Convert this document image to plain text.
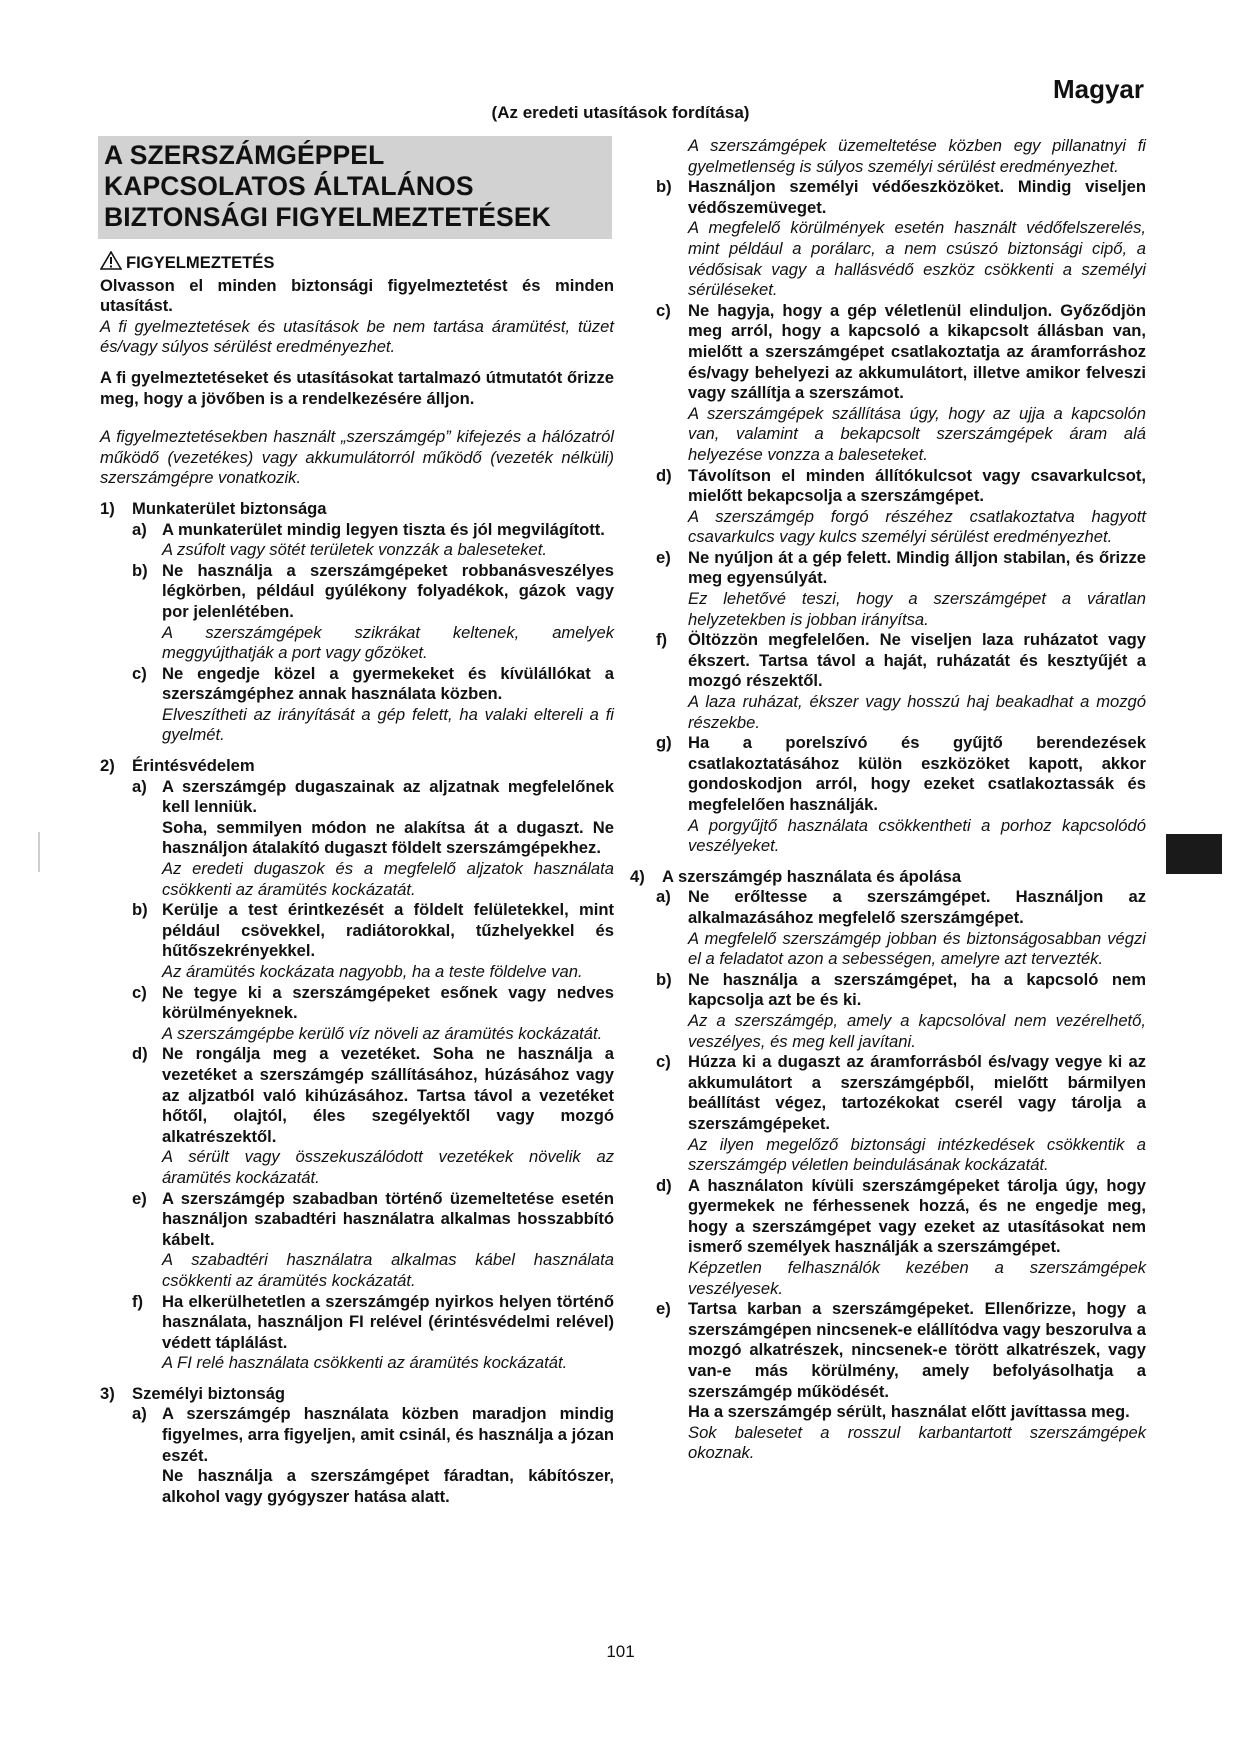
Magyar
(Az eredeti utasítások fordítása)
A SZERSZÁMGÉPPEL
KAPCSOLATOS ÁLTALÁNOS
BIZTONSÁGI FIGYELMEZTETÉSEK
FIGYELMEZTETÉS

Olvasson el minden biztonsági figyelmeztetést és minden utasítást.

A fi gyelmeztetések és utasítások be nem tartása áramütést, tüzet és/vagy súlyos sérülést eredményezhet.

A fi gyelmeztetéseket és utasításokat tartalmazó útmutatót őrizze meg, hogy a jövőben is a rendelkezésére álljon.

A figyelmeztetésekben használt „szerszámgép” kifejezés a hálózatról működő (vezetékes) vagy akkumulátorról működő (vezeték nélküli) szerszámgépre vonatkozik.

1)	Munkaterület biztonsága
a) A munkaterület mindig legyen tiszta és jól megvilágított.

A zsúfolt vagy sötét területek vonzzák a baleseteket.

b) Ne használja a szerszámgépeket robbanásveszélyes légkörben, például gyúlékony folyadékok, gázok vagy por jelenlétében.

A szerszámgépek szikrákat keltenek, amelyek meggyújthatják a port vagy gőzöket.

c) Ne engedje közel a gyermekeket és kívülállókat a szerszámgéphez annak használata közben.

Elveszítheti az irányítását a gép felett, ha valaki eltereli a fi gyelmét.

2)	Érintésvédelem
a) A szerszámgép dugaszainak az aljzatnak megfelelőnek kell lenniük.

Soha, semmilyen módon ne alakítsa át a dugaszt. Ne használjon átalakító dugaszt földelt szerszámgépekhez.

Az eredeti dugaszok és a megfelelő aljzatok használata csökkenti az áramütés kockázatát.

b) Kerülje a test érintkezését a földelt felületekkel, mint például csövekkel, radiátorokkal, tűzhelyekkel és hűtőszekrényekkel.

Az áramütés kockázata nagyobb, ha a teste földelve van.

c) Ne tegye ki a szerszámgépeket esőnek vagy nedves körülményeknek.

A szerszámgépbe kerülő víz növeli az áramütés kockázatát.

d) Ne rongálja meg a vezetéket. Soha ne használja a vezetéket a szerszámgép szállításához, húzásához vagy az aljzatból való kihúzásához. Tartsa távol a vezetéket hőtől, olajtól, éles szegélyektől vagy mozgó alkatrészektől.

A sérült vagy összekuszálódott vezetékek növelik az áramütés kockázatát.

e) A szerszámgép szabadban történő üzemeltetése esetén használjon szabadtéri használatra alkalmas hosszabbító kábelt.

A szabadtéri használatra alkalmas kábel használata csökkenti az áramütés kockázatát.

f)	Ha elkerülhetetlen a szerszámgép nyirkos helyen történő használata, használjon FI relével (érintésvédelmi relével) védett táplálást.

A FI relé használata csökkenti az áramütés kockázatát.

3)	Személyi biztonság
a) A szerszámgép használata közben maradjon mindig figyelmes, arra figyeljen, amit csinál, és használja a józan eszét.

Ne használja a szerszámgépet fáradtan, kábítószer, alkohol vagy gyógyszer hatása alatt.

A szerszámgépek üzemeltetése közben egy pillanatnyi fi gyelmetlenség is súlyos személyi sérülést eredményezhet.

b) Használjon személyi védőeszközöket. Mindig viseljen védőszemüveget.

A megfelelő körülmények esetén használt védőfelszerelés, mint például a porálarc, a nem csúszó biztonsági cipő, a védősisak vagy a hallásvédő eszköz csökkenti a személyi sérüléseket.

c)	Ne hagyja, hogy a gép véletlenül elinduljon. Győződjön meg arról, hogy a kapcsoló a kikapcsolt állásban van, mielőtt a szerszámgépet csatlakoztatja az áramforráshoz és/vagy behelyezi az akkumulátort, illetve amikor felveszi vagy szállítja a szerszámot.

A szerszámgépek szállítása úgy, hogy az ujja a kapcsolón van, valamint a bekapcsolt szerszámgépek áram alá helyezése vonzza a baleseteket.

d) Távolítson el minden állítókulcsot vagy csavarkulcsot, mielőtt bekapcsolja a szerszámgépet.

A szerszámgép forgó részéhez csatlakoztatva hagyott csavarkulcs vagy kulcs személyi sérülést eredményezhet.

e)	Ne nyúljon át a gép felett. Mindig álljon stabilan, és őrizze meg egyensúlyát.

Ez lehetővé teszi, hogy a szerszámgépet a váratlan helyzetekben is jobban irányítsa.

f)	Öltözzön megfelelően. Ne viseljen laza ruházatot vagy ékszert. Tartsa távol a haját, ruházatát és kesztyűjét a mozgó részektől.

A laza ruházat, ékszer vagy hosszú haj beakadhat a mozgó részekbe.

g) Ha a porelszívó és gyűjtő berendezések csatlakoztatásához külön eszközöket kapott, akkor gondoskodjon arról, hogy ezeket csatlakoztassák és megfelelően használják.

A porgyűjtő használata csökkentheti a porhoz kapcsolódó veszélyeket.

4)	A szerszámgép használata és ápolása
a)	Ne erőltesse a szerszámgépet. Használjon az alkalmazásához megfelelő szerszámgépet.

A megfelelő szerszámgép jobban és biztonságosabban végzi el a feladatot azon a sebességen, amelyre azt tervezték.

b) Ne használja a szerszámgépet, ha a kapcsoló nem kapcsolja azt be és ki.

Az a szerszámgép, amely a kapcsolóval nem vezérelhető, veszélyes, és meg kell javítani.

c)	Húzza ki a dugaszt az áramforrásból és/vagy vegye ki az akkumulátort a szerszámgépből, mielőtt bármilyen beállítást végez, tartozékokat cserél vagy tárolja a szerszámgépeket.

Az ilyen megelőző biztonsági intézkedések csökkentik a szerszámgép véletlen beindulásának kockázatát.

d) A használaton kívüli szerszámgépeket tárolja úgy, hogy gyermekek ne férhessenek hozzá, és ne engedje meg, hogy a szerszámgépet vagy ezeket az utasításokat nem ismerő személyek használják a szerszámgépet.

Képzetlen felhasználók kezében a szerszámgépek veszélyesek.

e)	Tartsa karban a szerszámgépeket. Ellenőrizze, hogy a szerszámgépen nincsenek-e elállítódva vagy beszorulva a mozgó alkatrészek, nincsenek-e törött alkatrészek, vagy van-e más körülmény, amely befolyásolhatja a szerszámgép működését.

Ha a szerszámgép sérült, használat előtt javíttassa meg.

Sok balesetet a rosszul karbantartott szerszámgépek okoznak.

101
